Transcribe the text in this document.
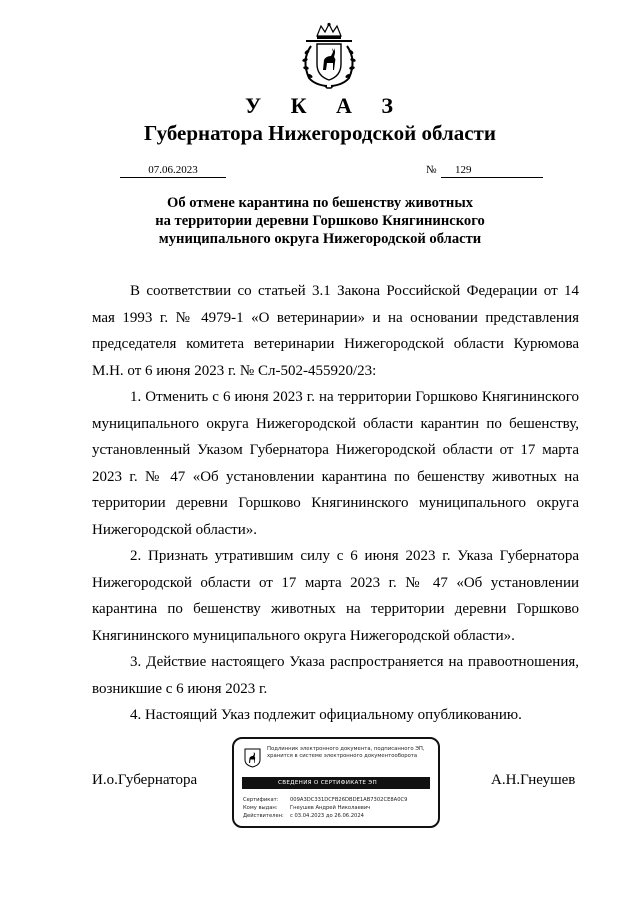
У К А З
Губернатора Нижегородской области
07.06.2023	№	129
Об отмене карантина по бешенству животных
на территории деревни Горшково Княгининского
муниципального округа Нижегородской области

В соответствии со статьей 3.1 Закона Российской Федерации от 14 мая 1993 г. № 4979-1 «О ветеринарии» и на основании представления председателя комитета ветеринарии Нижегородской области Курюмова М.Н. от 6 июня 2023 г. № Сл-502-455920/23:

1. Отменить с 6 июня 2023 г. на территории Горшково Княгининского муниципального округа Нижегородской области карантин по бешенству, установленный Указом Губернатора Нижегородской области от 17 марта 2023 г. № 47 «Об установлении карантина по бешенству животных на территории деревни Горшково Княгининского муниципального округа Нижегородской области».

2. Признать утратившим силу с 6 июня 2023 г. Указа Губернатора Нижегородской области от 17 марта 2023 г. № 47 «Об установлении карантина по бешенству животных на территории деревни Горшково Княгининского муниципального округа Нижегородской области».

3. Действие настоящего Указа распространяется на правоотношения, возникшие с 6 июня 2023 г.

4. Настоящий Указ подлежит официальному опубликованию.

И.о.Губернатора	А.Н.Гнеушев
Подлинник электронного документа, подписанного ЭП,
хранится в системе электронного документооборота
СВЕДЕНИЯ О СЕРТИФИКАТЕ ЭП
Сертификат: 009A3DC331DCFB26DBDE1AB7302CE8A0C9
Кому выдан: Гнеушев Андрей Николаевич
Действителен: с 03.04.2023 до 26.06.2024
